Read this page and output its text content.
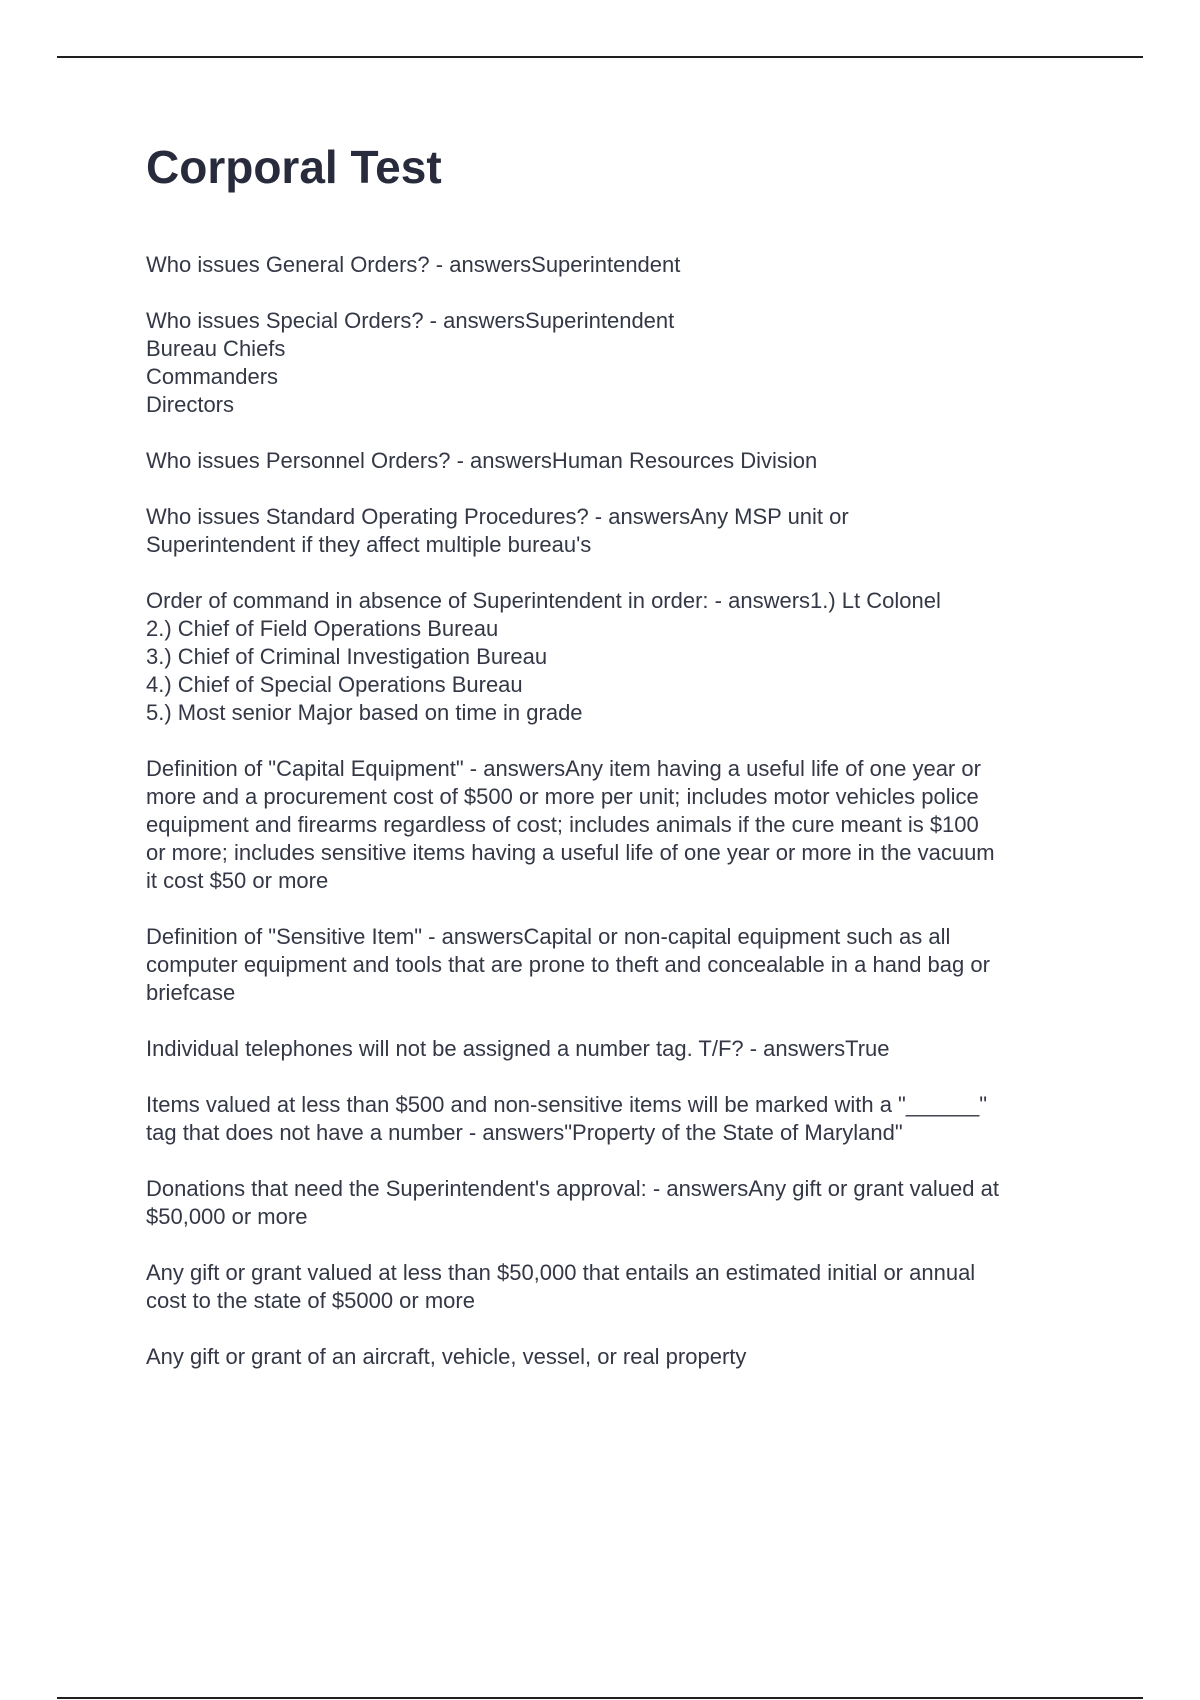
Corporal Test

Who issues General Orders? - answersSuperintendent

Who issues Special Orders? - answersSuperintendent
Bureau Chiefs
Commanders
Directors

Who issues Personnel Orders? - answersHuman Resources Division

Who issues Standard Operating Procedures? - answersAny MSP unit or
Superintendent if they affect multiple bureau's

Order of command in absence of Superintendent in order: - answers1.) Lt Colonel
2.) Chief of Field Operations Bureau
3.) Chief of Criminal Investigation Bureau
4.) Chief of Special Operations Bureau
5.) Most senior Major based on time in grade

Definition of "Capital Equipment" - answersAny item having a useful life of one year or
more and a procurement cost of $500 or more per unit; includes motor vehicles police
equipment and firearms regardless of cost; includes animals if the cure meant is $100
or more; includes sensitive items having a useful life of one year or more in the vacuum
it cost $50 or more

Definition of "Sensitive Item" - answersCapital or non-capital equipment such as all
computer equipment and tools that are prone to theft and concealable in a hand bag or
briefcase

Individual telephones will not be assigned a number tag. T/F? - answersTrue

Items valued at less than $500 and non-sensitive items will be marked with a "______"
tag that does not have a number - answers"Property of the State of Maryland"

Donations that need the Superintendent's approval: - answersAny gift or grant valued at
$50,000 or more

Any gift or grant valued at less than $50,000 that entails an estimated initial or annual
cost to the state of $5000 or more

Any gift or grant of an aircraft, vehicle, vessel, or real property
